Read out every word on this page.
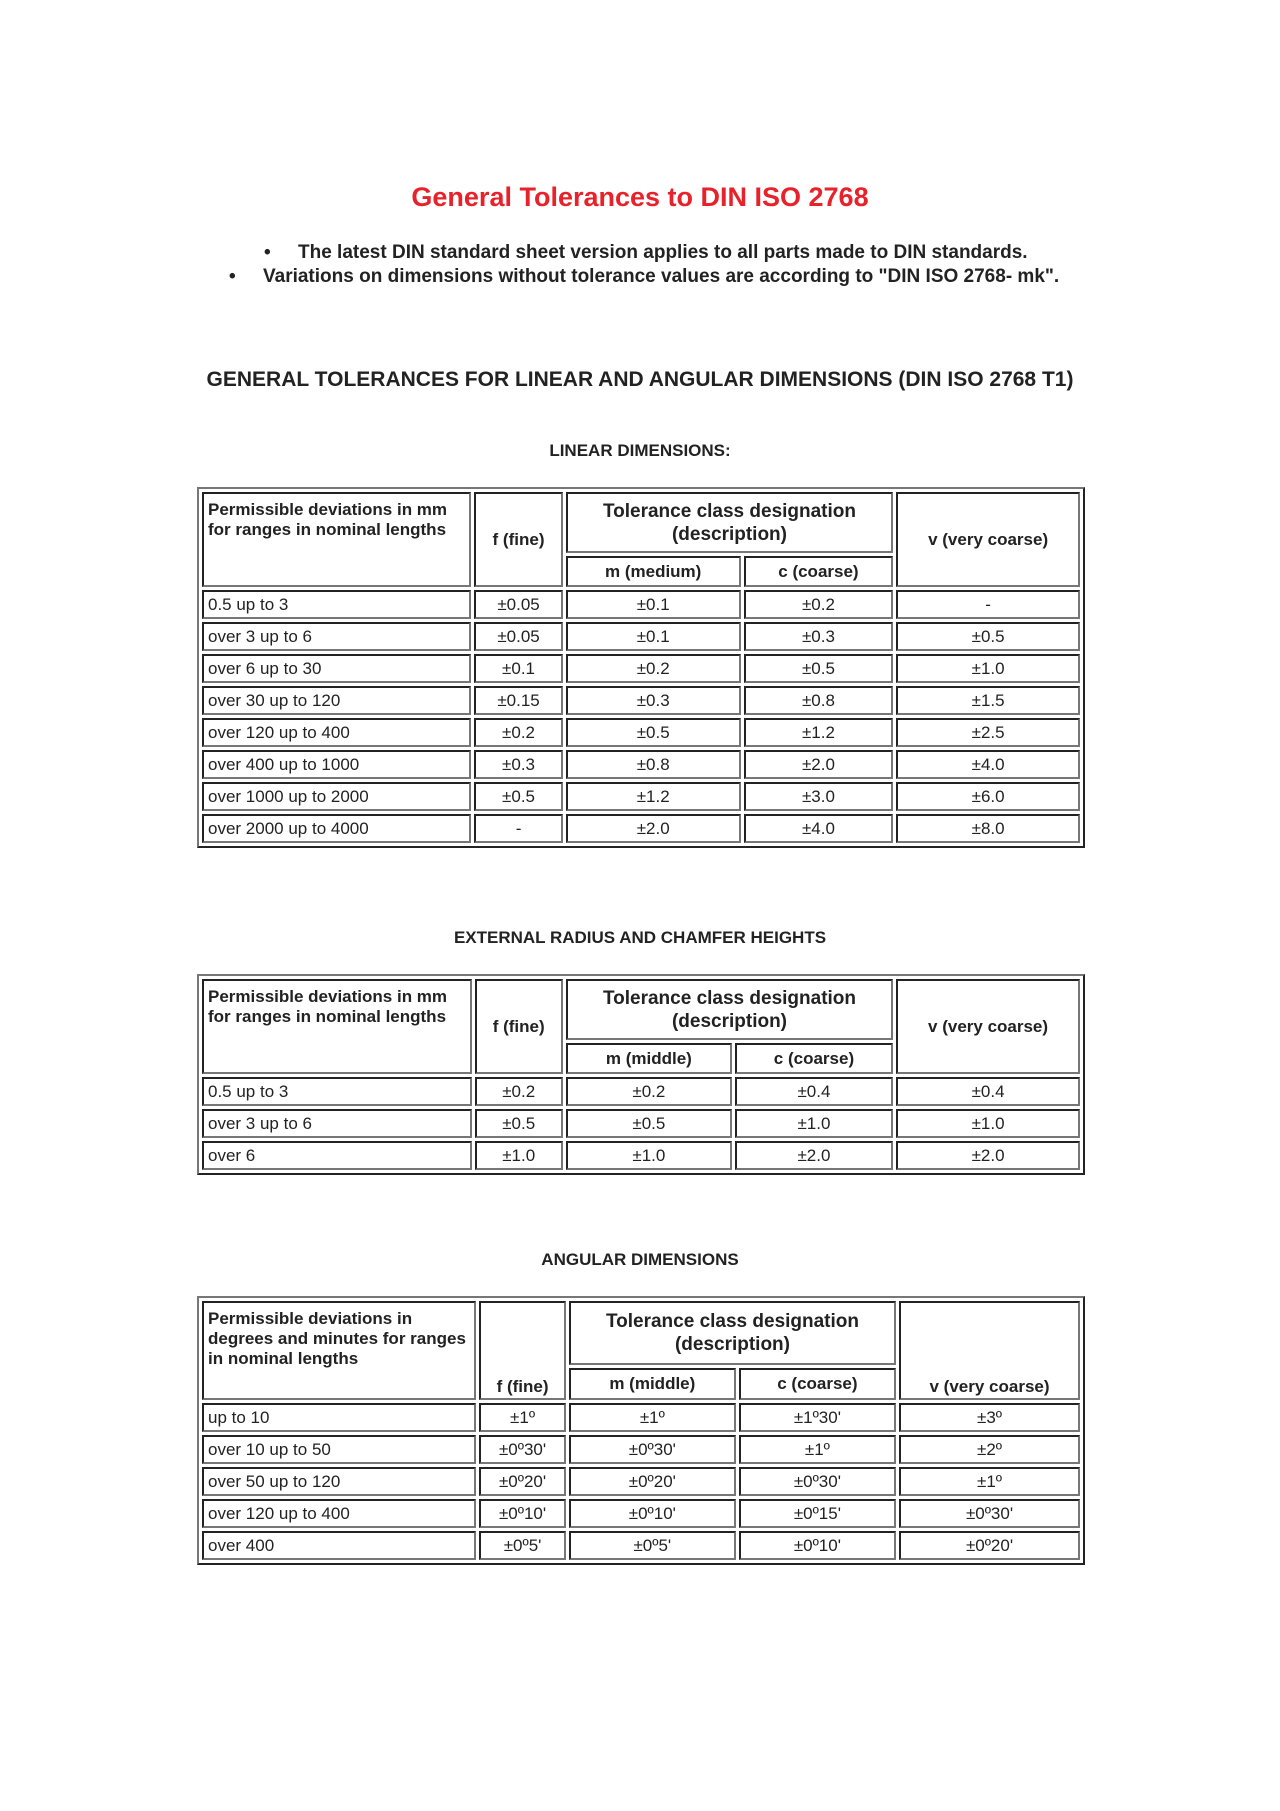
General Tolerances to DIN ISO 2768
• The latest DIN standard sheet version applies to all parts made to DIN standards.
• Variations on dimensions without tolerance values are according to "DIN ISO 2768- mk".
GENERAL TOLERANCES FOR LINEAR AND ANGULAR DIMENSIONS (DIN ISO 2768 T1)
LINEAR DIMENSIONS:
Permissible deviations in mm for ranges in nominal lengths	f (fine)	Tolerance class designation (description)		v (very coarse)
		m (medium)	c (coarse)	
0.5 up to 3	±0.05	±0.1	±0.2	-
over 3 up to 6	±0.05	±0.1	±0.3	±0.5
over 6 up to 30	±0.1	±0.2	±0.5	±1.0
over 30 up to 120	±0.15	±0.3	±0.8	±1.5
over 120 up to 400	±0.2	±0.5	±1.2	±2.5
over 400 up to 1000	±0.3	±0.8	±2.0	±4.0
over 1000 up to 2000	±0.5	±1.2	±3.0	±6.0
over 2000 up to 4000	-	±2.0	±4.0	±8.0
EXTERNAL RADIUS AND CHAMFER HEIGHTS
Permissible deviations in mm for ranges in nominal lengths	f (fine)	Tolerance class designation (description)		v (very coarse)
		m (middle)	c (coarse)	
0.5 up to 3	±0.2	±0.2	±0.4	±0.4
over 3 up to 6	±0.5	±0.5	±1.0	±1.0
over 6	±1.0	±1.0	±2.0	±2.0
ANGULAR DIMENSIONS
Permissible deviations in degrees and minutes for ranges in nominal lengths	f (fine)	Tolerance class designation (description)		v (very coarse)
		m (middle)	c (coarse)	
up to 10	±1º	±1º	±1º30'	±3º
over 10 up to 50	±0º30'	±0º30'	±1º	±2º
over 50 up to 120	±0º20'	±0º20'	±0º30'	±1º
over 120 up to 400	±0º10'	±0º10'	±0º15'	±0º30'
over 400	±0º5'	±0º5'	±0º10'	±0º20'
